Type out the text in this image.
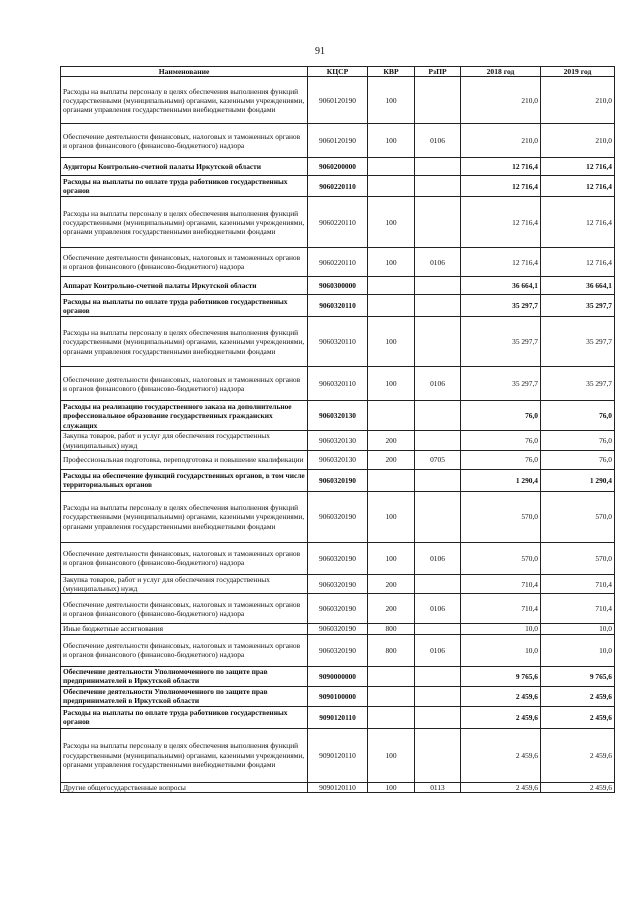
91
Наименование	КЦСР	КВР	РзПР	2018 год	2019 год
Расходы на выплаты персоналу в целях обеспечения выполнения функций государственными (муниципальными) органами, казенными учреждениями, органами управления государственными внебюджетными фондами	9060120190	100		210,0	210,0
Обеспечение деятельности финансовых, налоговых и таможенных органов и органов финансового (финансово-бюджетного) надзора	9060120190	100	0106	210,0	210,0
Аудиторы Контрольно-счетной палаты Иркутской области	9060200000			12 716,4	12 716,4
Расходы на выплаты по оплате труда работников государственных органов	9060220110			12 716,4	12 716,4
Расходы на выплаты персоналу в целях обеспечения выполнения функций государственными (муниципальными) органами, казенными учреждениями, органами управления государственными внебюджетными фондами	9060220110	100		12 716,4	12 716,4
Обеспечение деятельности финансовых, налоговых и таможенных органов и органов финансового (финансово-бюджетного) надзора	9060220110	100	0106	12 716,4	12 716,4
Аппарат Контрольно-счетной палаты Иркутской области	9060300000			36 664,1	36 664,1
Расходы на выплаты по оплате труда работников государственных органов	9060320110			35 297,7	35 297,7
Расходы на выплаты персоналу в целях обеспечения выполнения функций государственными (муниципальными) органами, казенными учреждениями, органами управления государственными внебюджетными фондами	9060320110	100		35 297,7	35 297,7
Обеспечение деятельности финансовых, налоговых и таможенных органов и органов финансового (финансово-бюджетного) надзора	9060320110	100	0106	35 297,7	35 297,7
Расходы на реализацию государственного заказа на дополнительное профессиональное образование государственных гражданских служащих	9060320130			76,0	76,0
Закупка товаров, работ и услуг для обеспечения государственных (муниципальных) нужд	9060320130	200		76,0	76,0
Профессиональная подготовка, переподготовка и повышение квалификации	9060320130	200	0705	76,0	76,0
Расходы на обеспечение функций государственных органов, в том числе территориальных органов	9060320190			1 290,4	1 290,4
Расходы на выплаты персоналу в целях обеспечения выполнения функций государственными (муниципальными) органами, казенными учреждениями, органами управления государственными внебюджетными фондами	9060320190	100		570,0	570,0
Обеспечение деятельности финансовых, налоговых и таможенных органов и органов финансового (финансово-бюджетного) надзора	9060320190	100	0106	570,0	570,0
Закупка товаров, работ и услуг для обеспечения государственных (муниципальных) нужд	9060320190	200		710,4	710,4
Обеспечение деятельности финансовых, налоговых и таможенных органов и органов финансового (финансово-бюджетного) надзора	9060320190	200	0106	710,4	710,4
Иные бюджетные ассигнования	9060320190	800		10,0	10,0
Обеспечение деятельности финансовых, налоговых и таможенных органов и органов финансового (финансово-бюджетного) надзора	9060320190	800	0106	10,0	10,0
Обеспечение деятельности Уполномоченного по защите прав предпринимателей в Иркутской области	9090000000			9 765,6	9 765,6
Обеспечение деятельности Уполномоченного по защите прав предпринимателей в Иркутской области	9090100000			2 459,6	2 459,6
Расходы на выплаты по оплате труда работников государственных органов	9090120110			2 459,6	2 459,6
Расходы на выплаты персоналу в целях обеспечения выполнения функций государственными (муниципальными) органами, казенными учреждениями, органами управления государственными внебюджетными фондами	9090120110	100		2 459,6	2 459,6
Другие общегосударственные вопросы	9090120110	100	0113	2 459,6	2 459,6
